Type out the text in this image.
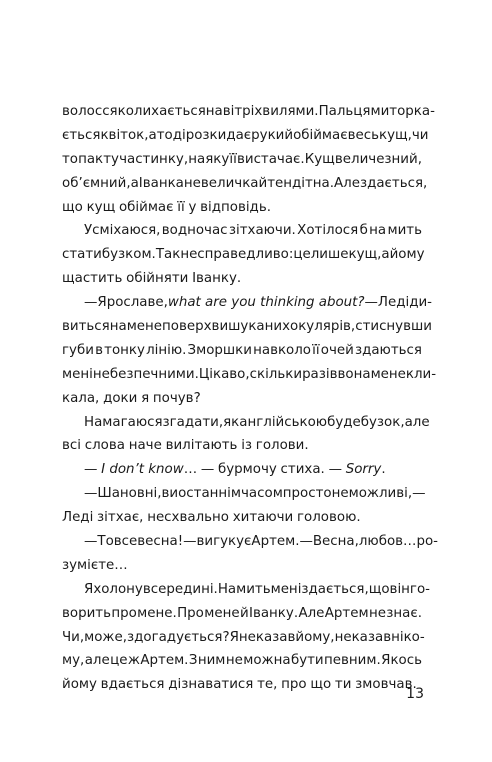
волосся колихається на вітрі хвилями. Пальцями торка-
ється квіток, а тоді розкидає руки й обіймає весь кущ, чи
то пак ту частинку, на яку її вистачає. Кущ величезний,
об’ємний, а Іванка невеличка й тендітна. Але здається,
що кущ обіймає її у відповідь.
Усміхаюся, водночас зітхаючи. Хотілося б на мить
стати бузком. Так несправедливо: це лише кущ, а йому
щастить обійняти Іванку.
— Ярославе, what are you thinking about? — Леді ди-
виться на мене поверх вишуканих окулярів, стиснувши
губи в тонку лінію. Зморшки навколо її очей здаються
мені небезпечними. Цікаво, скільки разів вона мене кли-
кала, доки я почув?
Намагаюся згадати, як англійською буде бузок, але
всі слова наче вилітають із голови.
— I don’t know … — бурмочу стиха. — Sorry .
— Шановні, ви останнім часом просто неможливі, —
Леді зітхає, несхвально хитаючи головою.
— То все весна! — вигукує Артем. — Весна, любов… ро-
зумієте…
Я холону всередині. На мить мені здається, що він го-
ворить про мене. Про мене й Іванку. Але Артем не знає.
Чи, може, здогадується? Я не казав йому, не казав ніко-
му, але це ж Артем. З ним не можна бути певним. Якось
йому вдається дізнаватися те, про що ти змовчав.
13
